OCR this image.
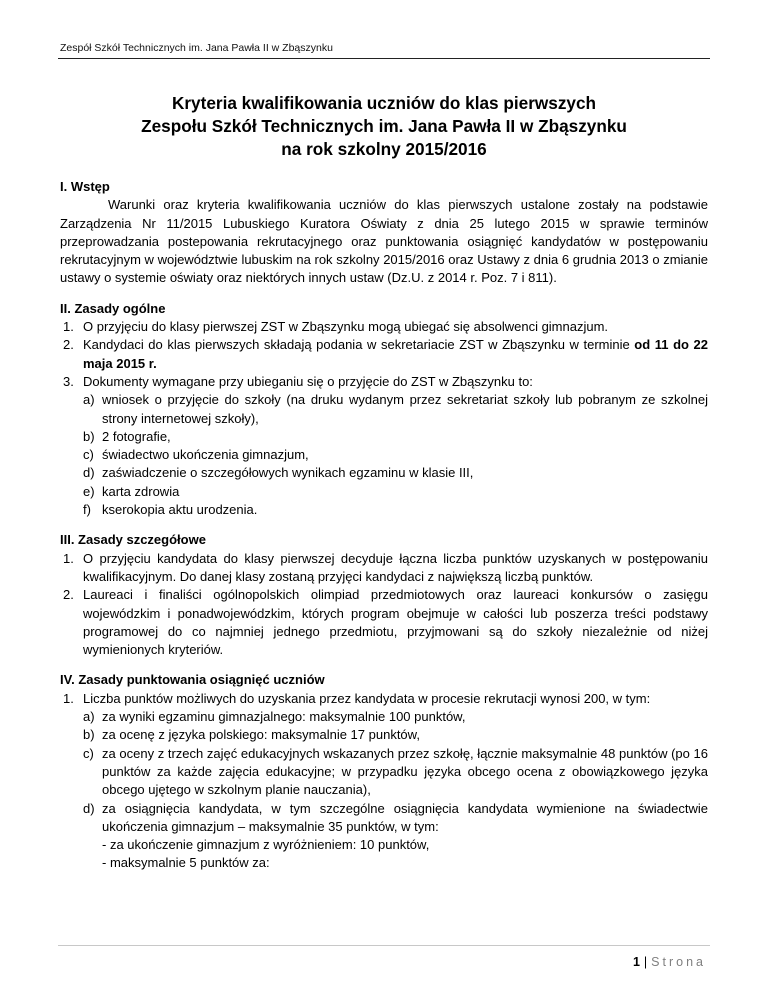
Zespół Szkół Technicznych im. Jana Pawła II w Zbąszynku
Kryteria kwalifikowania uczniów do klas pierwszych
Zespołu Szkół Technicznych im. Jana Pawła II w Zbąszynku
na rok szkolny 2015/2016
I. Wstęp
Warunki oraz kryteria kwalifikowania uczniów do klas pierwszych ustalone zostały na podstawie Zarządzenia Nr 11/2015 Lubuskiego Kuratora Oświaty z dnia 25 lutego 2015 w sprawie terminów przeprowadzania postepowania rekrutacyjnego oraz punktowania osiągnięć kandydatów w postępowaniu rekrutacyjnym w województwie lubuskim na rok szkolny 2015/2016 oraz Ustawy z dnia 6 grudnia 2013 o zmianie ustawy o systemie oświaty oraz niektórych innych ustaw (Dz.U. z 2014 r. Poz. 7 i 811).
II. Zasady ogólne
1. O przyjęciu do klasy pierwszej ZST w Zbąszynku mogą ubiegać się absolwenci gimnazjum.
2. Kandydaci do klas pierwszych składają podania w sekretariacie ZST w Zbąszynku w terminie od 11 do 22 maja 2015 r.
3. Dokumenty wymagane przy ubieganiu się o przyjęcie do ZST w Zbąszynku to:
a) wniosek o przyjęcie do szkoły (na druku wydanym przez sekretariat szkoły lub pobranym ze szkolnej strony internetowej szkoły),
b) 2 fotografie,
c) świadectwo ukończenia gimnazjum,
d) zaświadczenie o szczegółowych wynikach egzaminu w klasie III,
e) karta zdrowia
f) kserokopia aktu urodzenia.
III. Zasady szczegółowe
1. O przyjęciu kandydata do klasy pierwszej decyduje łączna liczba punktów uzyskanych w postępowaniu kwalifikacyjnym. Do danej klasy zostaną przyjęci kandydaci z największą liczbą punktów.
2. Laureaci i finaliści ogólnopolskich olimpiad przedmiotowych oraz laureaci konkursów o zasięgu wojewódzkim i ponadwojewódzkim, których program obejmuje w całości lub poszerza treści podstawy programowej do co najmniej jednego przedmiotu, przyjmowani są do szkoły niezależnie od niżej wymienionych kryteriów.
IV. Zasady punktowania osiągnięć uczniów
1. Liczba punktów możliwych do uzyskania przez kandydata w procesie rekrutacji wynosi 200, w tym:
a) za wyniki egzaminu gimnazjalnego: maksymalnie 100 punktów,
b) za ocenę z języka polskiego: maksymalnie 17 punktów,
c) za oceny z trzech zajęć edukacyjnych wskazanych przez szkołę, łącznie maksymalnie 48 punktów (po 16 punktów za każde zajęcia edukacyjne; w przypadku języka obcego ocena z obowiązkowego języka obcego ujętego w szkolnym planie nauczania),
d) za osiągnięcia kandydata, w tym szczególne osiągnięcia kandydata wymienione na świadectwie ukończenia gimnazjum – maksymalnie 35 punktów, w tym:
- za ukończenie gimnazjum z wyróżnieniem: 10 punktów,
- maksymalnie 5 punktów za:
1 | Strona
